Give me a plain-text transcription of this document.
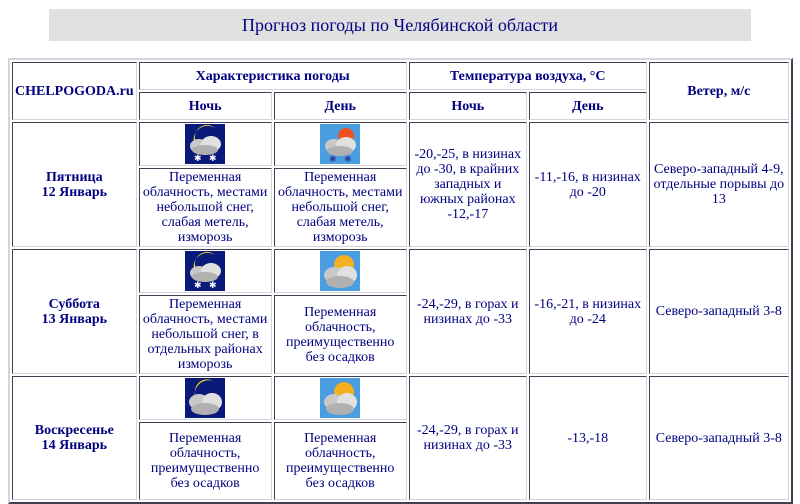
Прогноз погоды по Челябинской области
CHELPOGODA.ru	Характеристика погоды		Температура воздуха, °C		Ветер, м/с
	Ночь	День	Ночь	День	
Пятница
12 Январь	✱ ✱	✱ ✱	-20,-25, в низинах до -30, в крайних западных и южных районах -12,-17	-11,-16, в низинах до -20	Северо-западный 4-9, отдельные порывы до 13
	Переменная облачность, местами небольшой снег, слабая метель, изморозь	Переменная облачность, местами небольшой снег, слабая метель, изморозь			
Суббота
13 Январь	✱ ✱		-24,-29, в горах и низинах до -33	-16,-21, в низинах до -24	Северо-западный 3-8
	Переменная облачность, местами небольшой снег, в отдельных районах изморозь	Переменная облачность, преимущественно без осадков			
Воскресенье
14 Январь			-24,-29, в горах и низинах до -33	-13,-18	Северо-западный 3-8
	Переменная облачность, преимущественно без осадков	Переменная облачность, преимущественно без осадков			
